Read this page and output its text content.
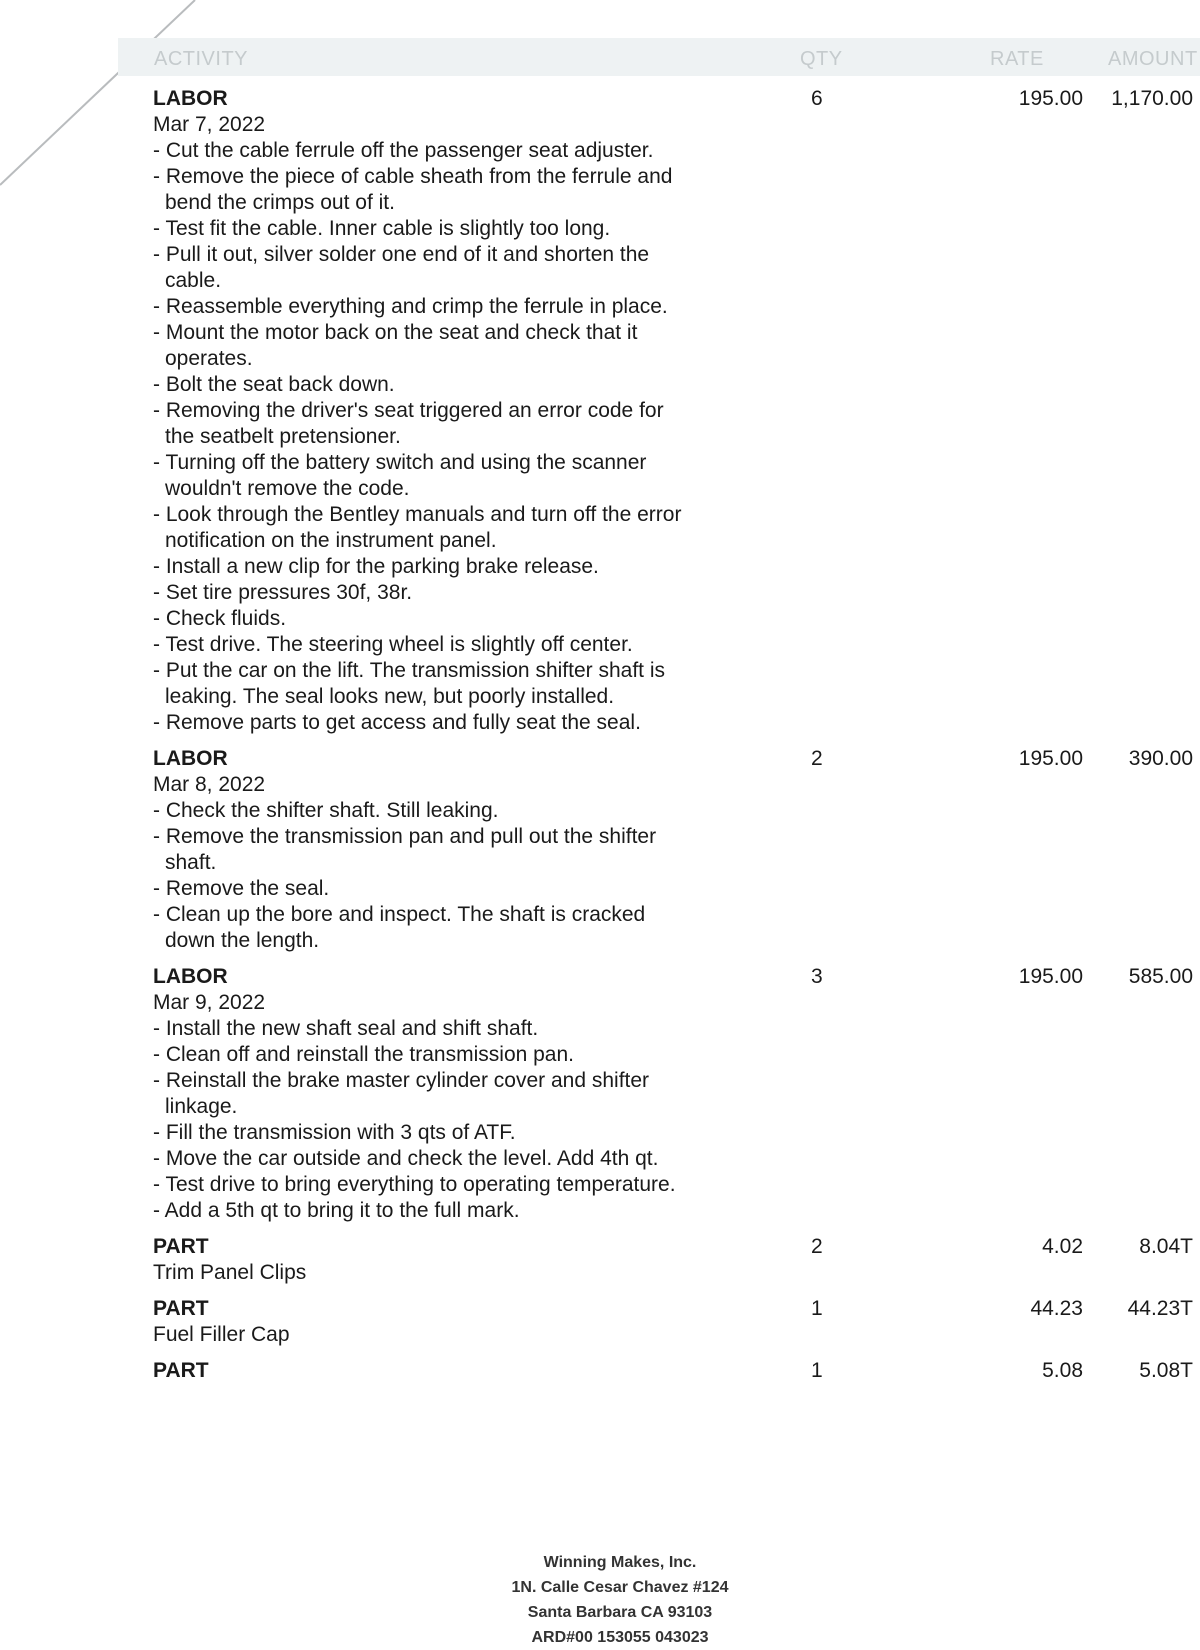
ACTIVITY	QTY	RATE	AMOUNT
LABOR
Mar 7, 2022
- Cut the cable ferrule off the passenger seat adjuster.
- Remove the piece of cable sheath from the ferrule and bend the crimps out of it.
- Test fit the cable. Inner cable is slightly too long.
- Pull it out, silver solder one end of it and shorten the cable.
- Reassemble everything and crimp the ferrule in place.
- Mount the motor back on the seat and check that it operates.
- Bolt the seat back down.
- Removing the driver's seat triggered an error code for the seatbelt pretensioner.
- Turning off the battery switch and using the scanner wouldn't remove the code.
- Look through the Bentley manuals and turn off the error notification on the instrument panel.
- Install a new clip for the parking brake release.
- Set tire pressures 30f, 38r.
- Check fluids.
- Test drive. The steering wheel is slightly off center.
- Put the car on the lift. The transmission shifter shaft is leaking. The seal looks new, but poorly installed.
- Remove parts to get access and fully seat the seal.
6	195.00	1,170.00
LABOR
Mar 8, 2022
- Check the shifter shaft. Still leaking.
- Remove the transmission pan and pull out the shifter shaft.
- Remove the seal.
- Clean up the bore and inspect. The shaft is cracked down the length.
2	195.00	390.00
LABOR
Mar 9, 2022
- Install the new shaft seal and shift shaft.
- Clean off and reinstall the transmission pan.
- Reinstall the brake master cylinder cover and shifter linkage.
- Fill the transmission with 3 qts of ATF.
- Move the car outside and check the level. Add 4th qt.
- Test drive to bring everything to operating temperature.
- Add a 5th qt to bring it to the full mark.
3	195.00	585.00
PART
Trim Panel Clips
2	4.02	8.04T
PART
Fuel Filler Cap
1	44.23	44.23T
PART	1	5.08	5.08T
Winning Makes, Inc.
1N. Calle Cesar Chavez #124
Santa Barbara CA 93103
ARD#00 153055 043023
